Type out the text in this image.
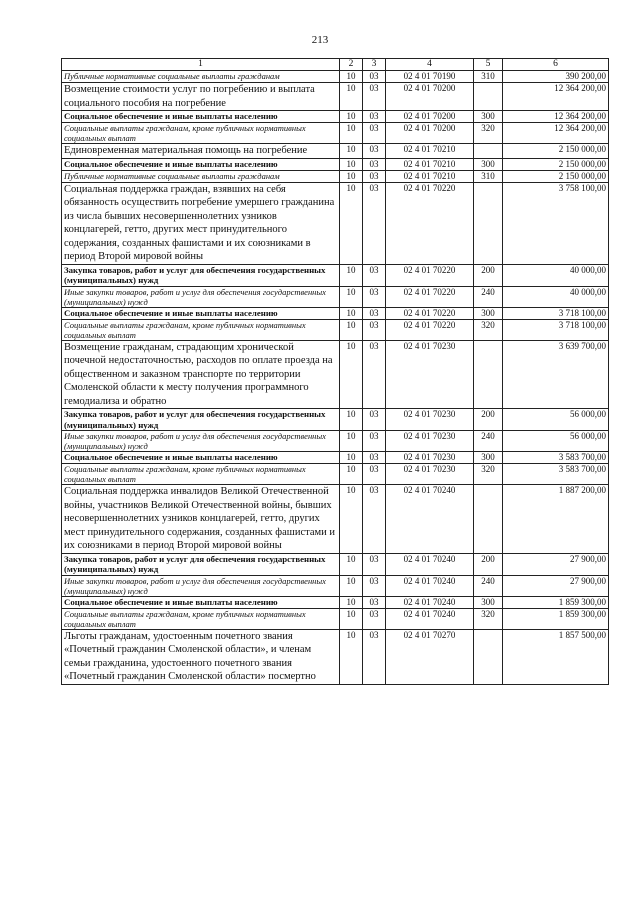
213
1	2	3	4	5	6
Публичные нормативные социальные выплаты гражданам	10	03	02 4 01 70190	310	390 200,00
Возмещение стоимости услуг по погребению и выплата социального пособия на погребение	10	03	02 4 01 70200		12 364 200,00
Социальное обеспечение и иные выплаты населению	10	03	02 4 01 70200	300	12 364 200,00
Социальные выплаты гражданам, кроме публичных нормативных социальных выплат	10	03	02 4 01 70200	320	12 364 200,00
Единовременная материальная помощь на погребение	10	03	02 4 01 70210		2 150 000,00
Социальное обеспечение и иные выплаты населению	10	03	02 4 01 70210	300	2 150 000,00
Публичные нормативные социальные выплаты гражданам	10	03	02 4 01 70210	310	2 150 000,00
Социальная поддержка граждан, взявших на себя обязанность осуществить погребение умершего гражданина из числа бывших несовершеннолетних узников концлагерей, гетто, других мест принудительного содержания, созданных фашистами и их союзниками в период Второй мировой войны	10	03	02 4 01 70220		3 758 100,00
Закупка товаров, работ и услуг для обеспечения государственных (муниципальных) нужд	10	03	02 4 01 70220	200	40 000,00
Иные закупки товаров, работ и услуг для обеспечения государственных (муниципальных) нужд	10	03	02 4 01 70220	240	40 000,00
Социальное обеспечение и иные выплаты населению	10	03	02 4 01 70220	300	3 718 100,00
Социальные выплаты гражданам, кроме публичных нормативных социальных выплат	10	03	02 4 01 70220	320	3 718 100,00
Возмещение гражданам, страдающим хронической почечной недостаточностью, расходов по оплате проезда на общественном и заказном транспорте по территории Смоленской области к месту получения программного гемодиализа и обратно	10	03	02 4 01 70230		3 639 700,00
Закупка товаров, работ и услуг для обеспечения государственных (муниципальных) нужд	10	03	02 4 01 70230	200	56 000,00
Иные закупки товаров, работ и услуг для обеспечения государственных (муниципальных) нужд	10	03	02 4 01 70230	240	56 000,00
Социальное обеспечение и иные выплаты населению	10	03	02 4 01 70230	300	3 583 700,00
Социальные выплаты гражданам, кроме публичных нормативных социальных выплат	10	03	02 4 01 70230	320	3 583 700,00
Социальная поддержка инвалидов Великой Отечественной войны, участников Великой Отечественной войны, бывших несовершеннолетних узников концлагерей, гетто, других мест принудительного содержания, созданных фашистами и их союзниками в период Второй мировой войны	10	03	02 4 01 70240		1 887 200,00
Закупка товаров, работ и услуг для обеспечения государственных (муниципальных) нужд	10	03	02 4 01 70240	200	27 900,00
Иные закупки товаров, работ и услуг для обеспечения государственных (муниципальных) нужд	10	03	02 4 01 70240	240	27 900,00
Социальное обеспечение и иные выплаты населению	10	03	02 4 01 70240	300	1 859 300,00
Социальные выплаты гражданам, кроме публичных нормативных социальных выплат	10	03	02 4 01 70240	320	1 859 300,00
Льготы гражданам, удостоенным почетного звания «Почетный гражданин Смоленской области», и членам семьи гражданина, удостоенного почетного звания «Почетный гражданин Смоленской области» посмертно	10	03	02 4 01 70270		1 857 500,00
